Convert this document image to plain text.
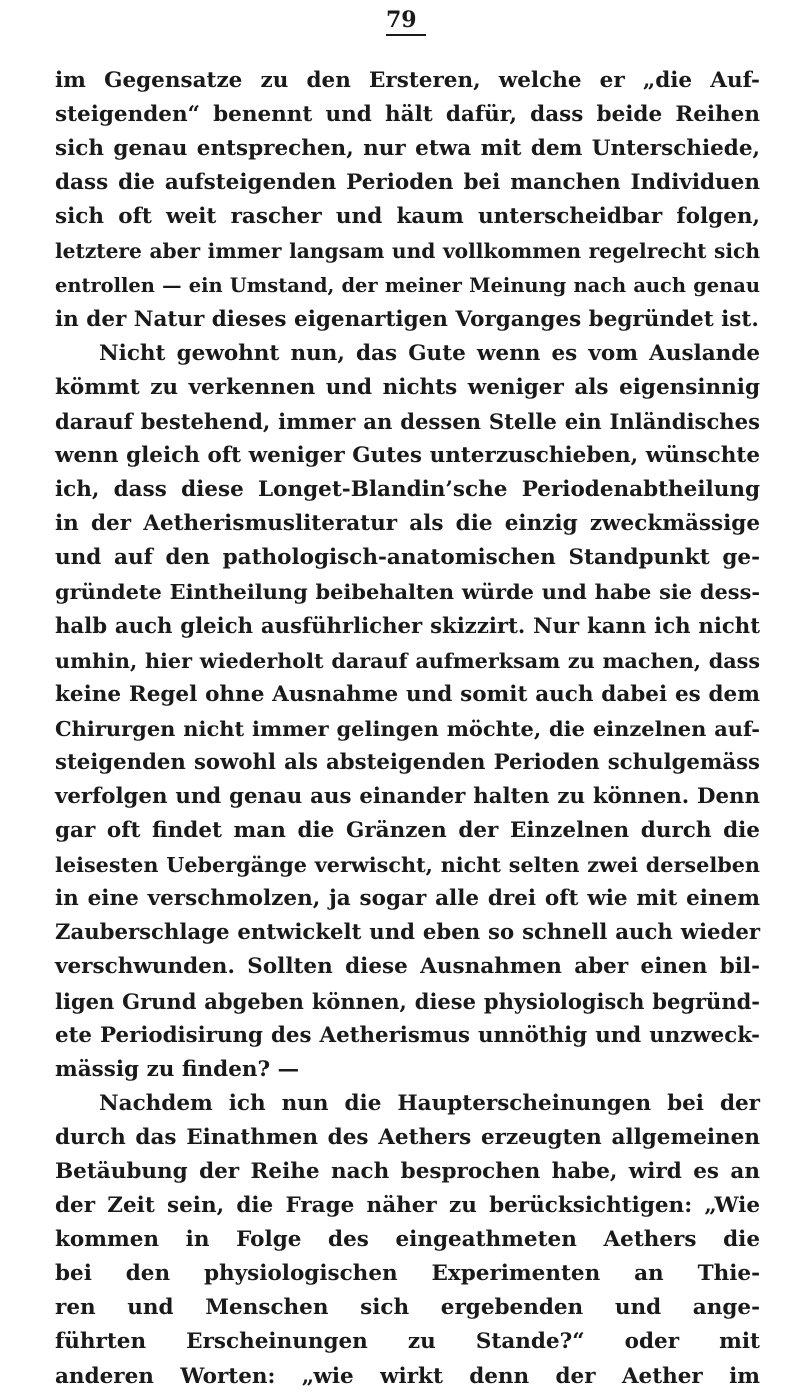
79
im Gegensatze zu den Ersteren, welche er „die Auf-
steigenden“ benennt und hält dafür, dass beide Reihen
sich genau entsprechen, nur etwa mit dem Unterschiede,
dass die aufsteigenden Perioden bei manchen Individuen
sich oft weit rascher und kaum unterscheidbar folgen,
letztere aber immer langsam und vollkommen regelrecht sich
entrollen — ein Umstand, der meiner Meinung nach auch genau
in der Natur dieses eigenartigen Vorganges begründet ist.
Nicht gewohnt nun, das Gute wenn es vom Auslande
kömmt zu verkennen und nichts weniger als eigensinnig
darauf bestehend, immer an dessen Stelle ein Inländisches
wenn gleich oft weniger Gutes unterzuschieben, wünschte
ich, dass diese Longet-Blandin’sche Periodenabtheilung
in der Aetherismusliteratur als die einzig zweckmässige
und auf den pathologisch-anatomischen Standpunkt ge-
gründete Eintheilung beibehalten würde und habe sie dess-
halb auch gleich ausführlicher skizzirt. Nur kann ich nicht
umhin, hier wiederholt darauf aufmerksam zu machen, dass
keine Regel ohne Ausnahme und somit auch dabei es dem
Chirurgen nicht immer gelingen möchte, die einzelnen auf-
steigenden sowohl als absteigenden Perioden schulgemäss
verfolgen und genau aus einander halten zu können. Denn
gar oft findet man die Gränzen der Einzelnen durch die
leisesten Uebergänge verwischt, nicht selten zwei derselben
in eine verschmolzen, ja sogar alle drei oft wie mit einem
Zauberschlage entwickelt und eben so schnell auch wieder
verschwunden. Sollten diese Ausnahmen aber einen bil-
ligen Grund abgeben können, diese physiologisch begründ-
ete Periodisirung des Aetherismus unnöthig und unzweck-
mässig zu finden? —
Nachdem ich nun die Haupterscheinungen bei der
durch das Einathmen des Aethers erzeugten allgemeinen
Betäubung der Reihe nach besprochen habe, wird es an
der Zeit sein, die Frage näher zu berücksichtigen: „Wie
kommen in Folge des eingeathmeten Aethers die
bei den physiologischen Experimenten an Thie-
ren und Menschen sich ergebenden und ange-
führten Erscheinungen zu Stande?“ oder mit
anderen Worten: „wie wirkt denn der Aether im
